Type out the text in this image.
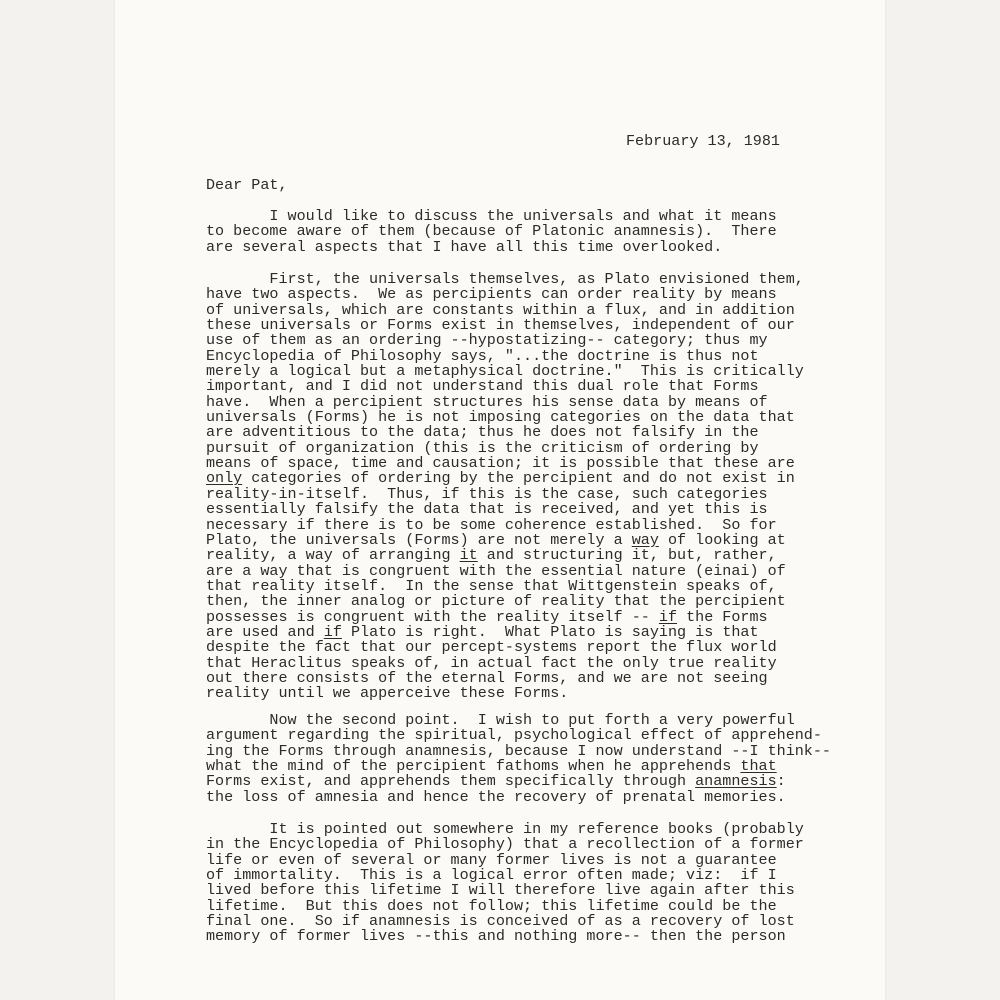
February 13, 1981
Dear Pat,
I would like to discuss the universals and what it means
to become aware of them (because of Platonic anamnesis).  There
are several aspects that I have all this time overlooked.
First, the universals themselves, as Plato envisioned them,
have two aspects.  We as percipients can order reality by means
of universals, which are constants within a flux, and in addition
these universals or Forms exist in themselves, independent of our
use of them as an ordering --hypostatizing-- category; thus my
Encyclopedia of Philosophy says, "...the doctrine is thus not
merely a logical but a metaphysical doctrine."  This is critically
important, and I did not understand this dual role that Forms
have.  When a percipient structures his sense data by means of
universals (Forms) he is not imposing categories on the data that
are adventitious to the data; thus he does not falsify in the
pursuit of organization (this is the criticism of ordering by
means of space, time and causation; it is possible that these are
only categories of ordering by the percipient and do not exist in
reality-in-itself.  Thus, if this is the case, such categories
essentially falsify the data that is received, and yet this is
necessary if there is to be some coherence established.  So for
Plato, the universals (Forms) are not merely a way of looking at
reality, a way of arranging it and structuring it, but, rather,
are a way that is congruent with the essential nature (einai) of
that reality itself.  In the sense that Wittgenstein speaks of,
then, the inner analog or picture of reality that the percipient
possesses is congruent with the reality itself -- if the Forms
are used and if Plato is right.  What Plato is saying is that
despite the fact that our percept-systems report the flux world
that Heraclitus speaks of, in actual fact the only true reality
out there consists of the eternal Forms, and we are not seeing
reality until we apperceive these Forms.
Now the second point.  I wish to put forth a very powerful
argument regarding the spiritual, psychological effect of apprehend-
ing the Forms through anamnesis, because I now understand --I think--
what the mind of the percipient fathoms when he apprehends that
Forms exist, and apprehends them specifically through anamnesis:
the loss of amnesia and hence the recovery of prenatal memories.
It is pointed out somewhere in my reference books (probably
in the Encyclopedia of Philosophy) that a recollection of a former
life or even of several or many former lives is not a guarantee
of immortality.  This is a logical error often made; viz:  if I
lived before this lifetime I will therefore live again after this
lifetime.  But this does not follow; this lifetime could be the
final one.  So if anamnesis is conceived of as a recovery of lost
memory of former lives --this and nothing more-- then the person
